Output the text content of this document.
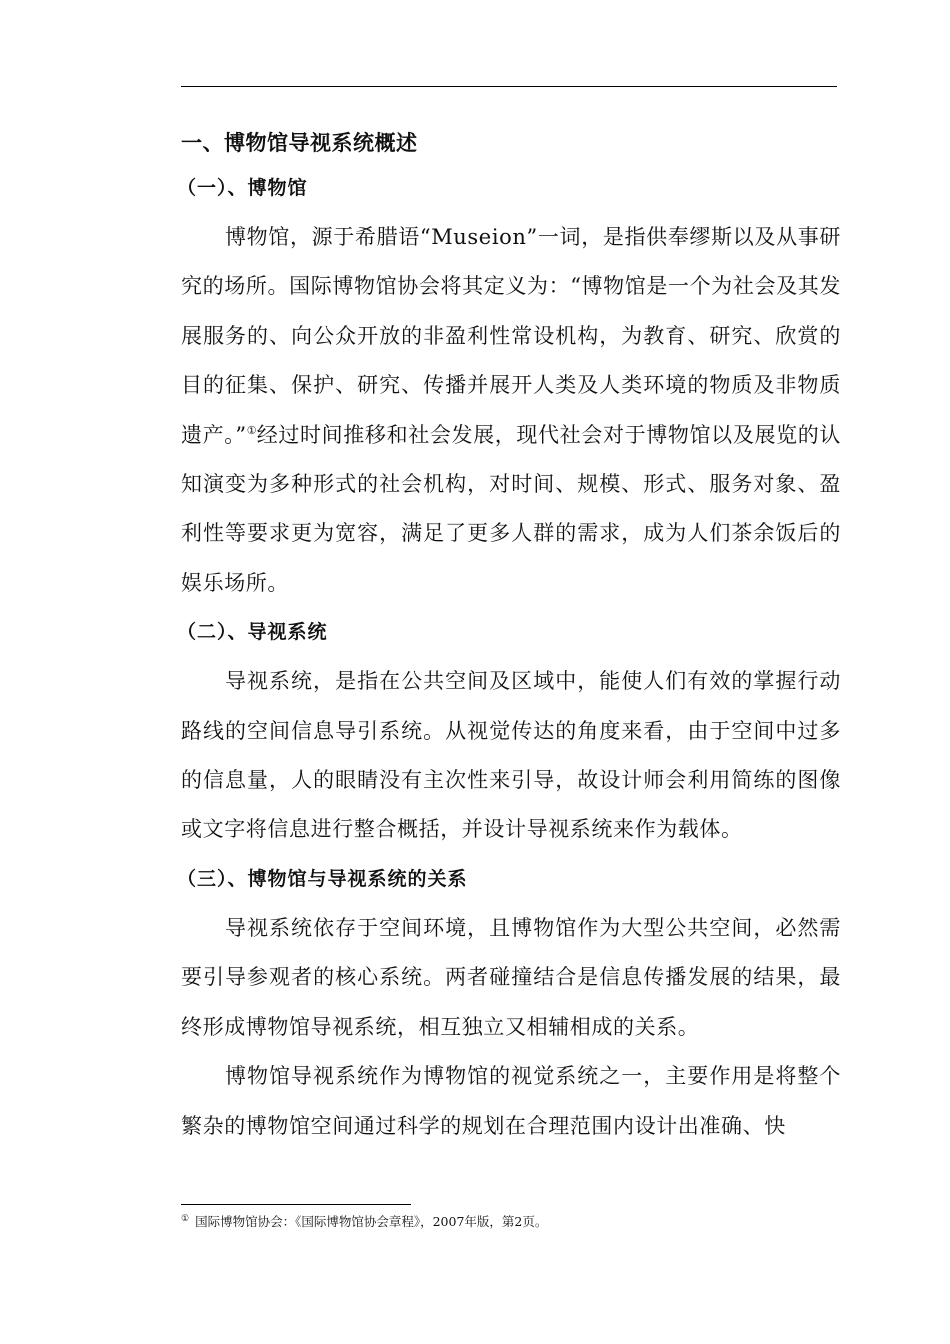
一、博物馆导视系统概述
（一）、博物馆

博物馆，源于希腊语“Museion”一词，是指供奉缪斯以及从事研究的场所。国际博物馆协会将其定义为：“博物馆是一个为社会及其发展服务的、向公众开放的非盈利性常设机构，为教育、研究、欣赏的目的征集、保护、研究、传播并展开人类及人类环境的物质及非物质遗产。”①经过时间推移和社会发展，现代社会对于博物馆以及展览的认知演变为多种形式的社会机构，对时间、规模、形式、服务对象、盈利性等要求更为宽容，满足了更多人群的需求，成为人们茶余饭后的娱乐场所。

（二）、导视系统

导视系统，是指在公共空间及区域中，能使人们有效的掌握行动路线的空间信息导引系统。从视觉传达的角度来看，由于空间中过多的信息量，人的眼睛没有主次性来引导，故设计师会利用简练的图像或文字将信息进行整合概括，并设计导视系统来作为载体。

（三）、博物馆与导视系统的关系

导视系统依存于空间环境，且博物馆作为大型公共空间，必然需要引导参观者的核心系统。两者碰撞结合是信息传播发展的结果，最终形成博物馆导视系统，相互独立又相辅相成的关系。

博物馆导视系统作为博物馆的视觉系统之一，主要作用是将整个繁杂的博物馆空间通过科学的规划在合理范围内设计出准确、快

① 国际博物馆协会：《国际博物馆协会章程》，2007年版，第2页。
